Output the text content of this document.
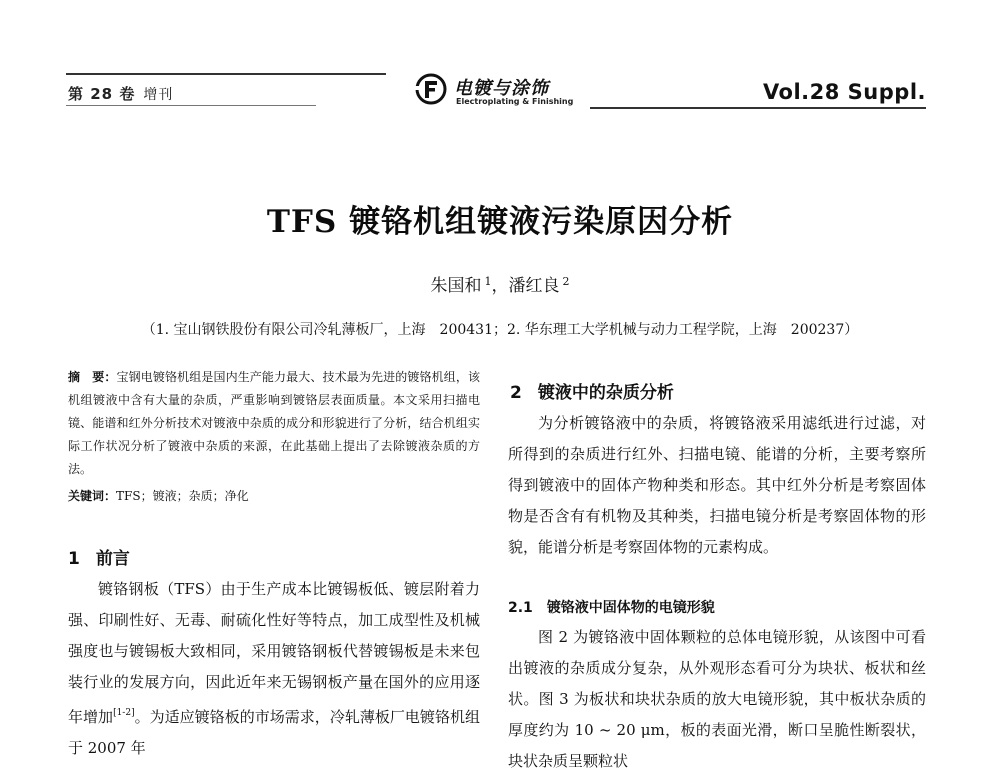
第 28 卷 增刊	电镀与涂饰
Electroplating & Finishing	Vol.28 Suppl.
TFS 镀铬机组镀液污染原因分析
朱国和 $^1$，潘红良 $^2$
（1. 宝山钢铁股份有限公司冷轧薄板厂，上海　200431；2. 华东理工大学机械与动力工程学院，上海　200237）
摘　要：宝钢电镀铬机组是国内生产能力最大、技术最为先进的镀铬机组，该机组镀液中含有大量的杂质，严重影响到镀铬层表面质量。本文采用扫描电镜、能谱和红外分析技术对镀液中杂质的成分和形貌进行了分析，结合机组实际工作状况分析了镀液中杂质的来源，在此基础上提出了去除镀液杂质的方法。
关键词：TFS；镀液；杂质；净化
1 前言
镀铬钢板（TFS）由于生产成本比镀锡板低、镀层附着力强、印刷性好、无毒、耐硫化性好等特点，加工成型性及机械强度也与镀锡板大致相同，采用镀铬钢板代替镀锡板是未来包装行业的发展方向，因此近年来无锡钢板产量在国外的应用逐年增加[1-2]。为适应镀铬板的市场需求，冷轧薄板厂电镀铬机组于 2007 年
2 镀液中的杂质分析
为分析镀铬液中的杂质，将镀铬液采用滤纸进行过滤，对所得到的杂质进行红外、扫描电镜、能谱的分析，主要考察所得到镀液中的固体产物种类和形态。其中红外分析是考察固体物是否含有有机物及其种类，扫描电镜分析是考察固体物的形貌，能谱分析是考察固体物的元素构成。
2.1 镀铬液中固体物的电镜形貌
图 2 为镀铬液中固体颗粒的总体电镜形貌，从该图中可看出镀液的杂质成分复杂，从外观形态看可分为块状、板状和丝状。图 3 为板状和块状杂质的放大电镜形貌，其中板状杂质的厚度约为 10 ~ 20 μm，板的表面光滑，断口呈脆性断裂状，块状杂质呈颗粒状
